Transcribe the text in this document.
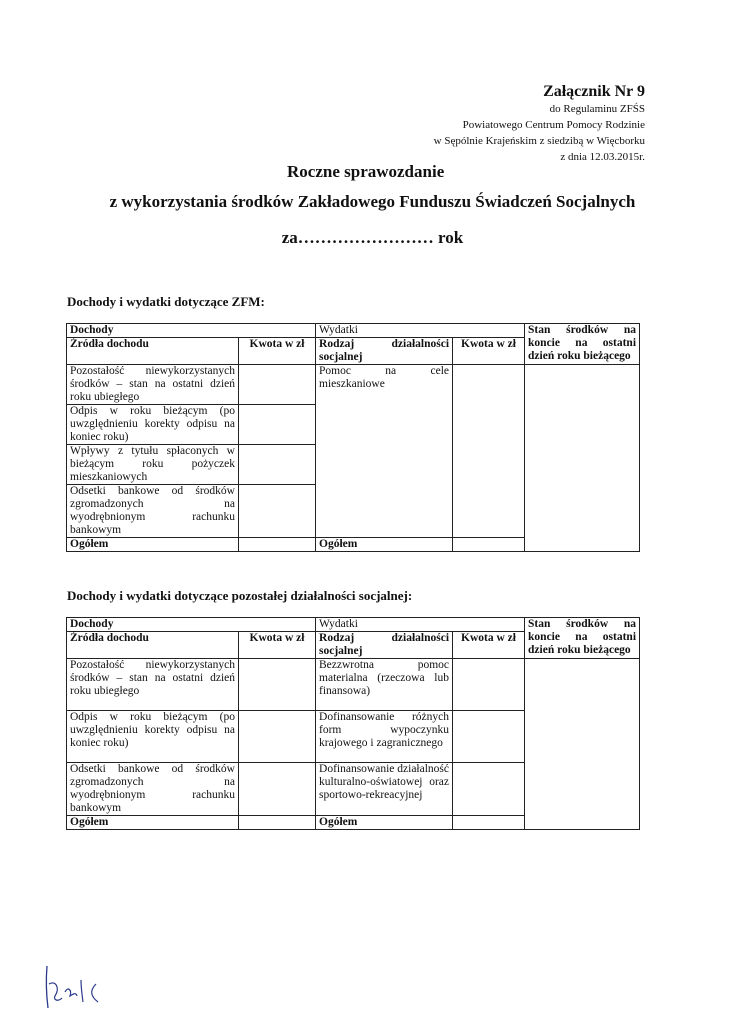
Załącznik Nr 9
do Regulaminu ZFŚS
Powiatowego Centrum Pomocy Rodzinie
w Sępólnie Krajeńskim z siedzibą w Więcborku
z dnia 12.03.2015r.
Roczne sprawozdanie
z wykorzystania środków Zakładowego Funduszu Świadczeń Socjalnych
za…………………… rok
Dochody i wydatki dotyczące ZFM:
Dochody		Wydatki		Stan środków na koncie na ostatni dzień roku bieżącego
Źródła dochodu	Kwota w zł	Rodzaj działalności socjalnej	Kwota w zł	
Pozostałość niewykorzystanych środków – stan na ostatni dzień roku ubiegłego		Pomoc na cele mieszkaniowe		
Odpis w roku bieżącym (po uwzględnieniu korekty odpisu na koniec roku)				
Wpływy z tytułu spłaconych w bieżącym roku pożyczek mieszkaniowych				
Odsetki bankowe od środków zgromadzonych na wyodrębnionym rachunku bankowym				
Ogółem		Ogółem		
Dochody i wydatki dotyczące pozostałej działalności socjalnej:
Dochody		Wydatki		Stan środków na koncie na ostatni dzień roku bieżącego
Źródła dochodu	Kwota w zł	Rodzaj działalności socjalnej	Kwota w zł	
Pozostałość niewykorzystanych środków – stan na ostatni dzień roku ubiegłego		Bezzwrotna pomoc materialna (rzeczowa lub finansowa)		
Odpis w roku bieżącym (po uwzględnieniu korekty odpisu na koniec roku)		Dofinansowanie różnych form wypoczynku krajowego i zagranicznego		
Odsetki bankowe od środków zgromadzonych na wyodrębnionym rachunku bankowym		Dofinansowanie działalność kulturalno-oświatowej oraz sportowo-rekreacyjnej		
Ogółem		Ogółem		
